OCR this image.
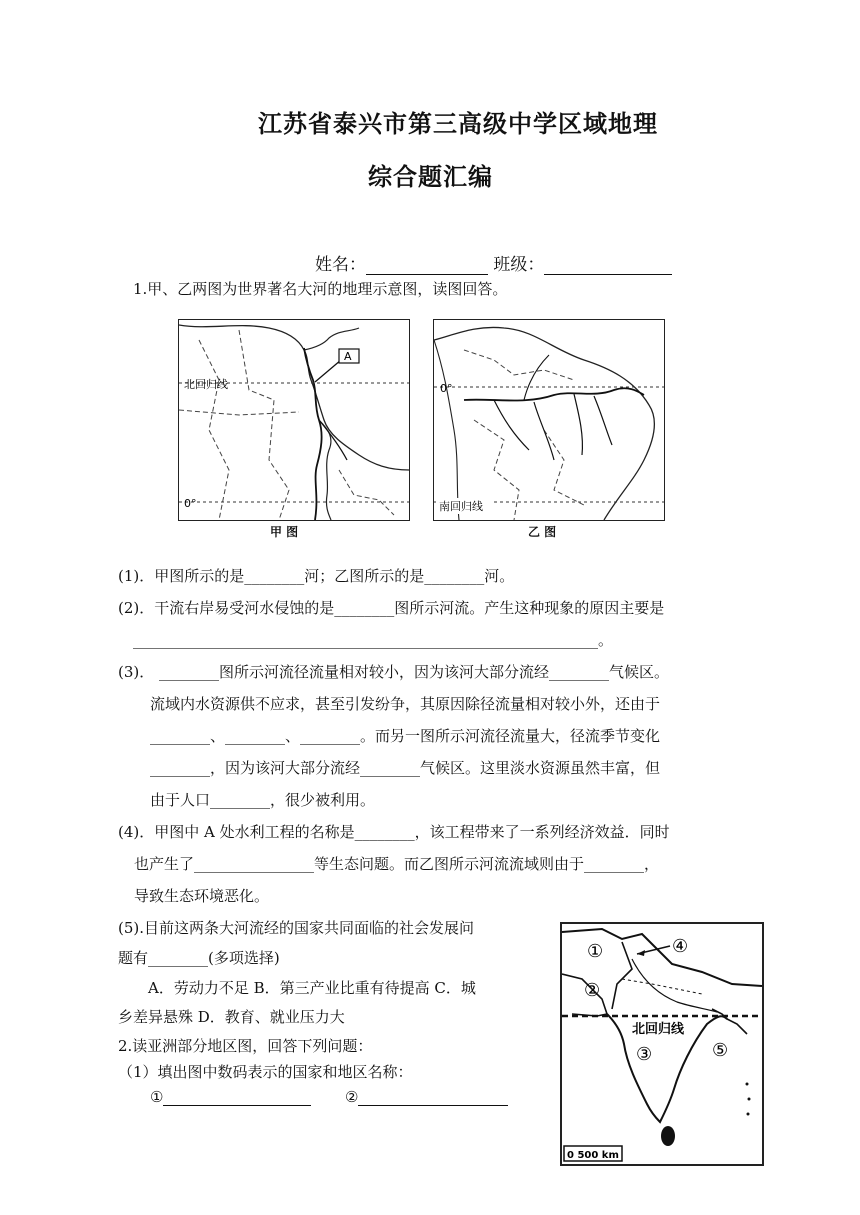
江苏省泰兴市第三高级中学区域地理
综合题汇编
姓名：	班级：
1.甲、乙两图为世界著名大河的地理示意图，读图回答。
A
北回归线
0°
甲 图
0°
南回归线
乙 图
(1)．甲图所示的是________河；乙图所示的是________河。
(2)．干流右岸易受河水侵蚀的是________图所示河流。产生这种现象的原因主要是
______________________________________________________________。
(3)． ________图所示河流径流量相对较小，因为该河大部分流经________气候区。
流域内水资源供不应求，甚至引发纷争，其原因除径流量相对较小外，还由于
________、________、________。而另一图所示河流径流量大，径流季节变化
________，因为该河大部分流经________气候区。这里淡水资源虽然丰富，但
由于人口________，很少被利用。
(4)．甲图中 A 处水利工程的名称是________，该工程带来了一系列经济效益．同时
也产生了________________等生态问题。而乙图所示河流流域则由于________，
导致生态环境恶化。
(5).目前这两条大河流经的国家共同面临的社会发展问
题有________(多项选择)
A．劳动力不足 B．第三产业比重有待提高 C．城
乡差异悬殊 D．教育、就业压力大
2.读亚洲部分地区图，回答下列问题：
（1）填出图中数码表示的国家和地区名称：
①	②
北回归线
①
②
③
④
⑤
0 500 km
